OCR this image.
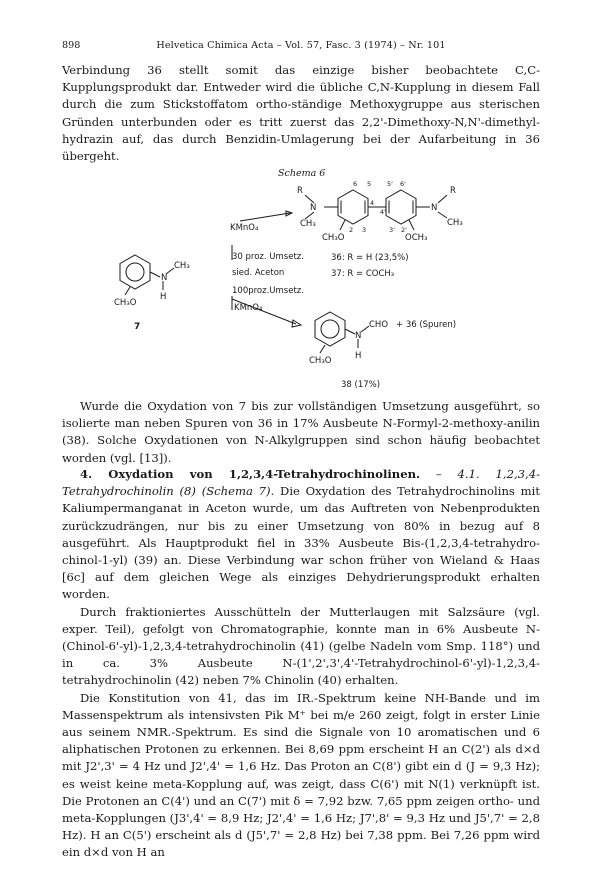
898	Helvetica Chimica Acta – Vol. 57, Fasc. 3 (1974) – Nr. 101

Verbindung 36 stellt somit das einzige bisher beobachtete C,C-Kupplungsprodukt dar. Entweder wird die übliche C,N-Kupplung in diesem Fall durch die zum Stickstoffatom ortho-ständige Methoxygruppe aus sterischen Gründen unterbunden oder es tritt zuerst das 2,2'-Dimethoxy-N,N'-dimethyl-hydrazin auf, das durch Benzidin-Umlagerung bei der Aufarbeitung in 36 übergeht.

Schema 6
R
N
CH₃
R
N
CH₃
CH₃O	OCH₃
6 5 5' 6'
4
4'
2 3	3' 2'
N
CH₃
H
CH₃O
7
KMnO₄
30 proz. Umsetz.
sied. Aceton
100proz.Umsetz.
KMnO₄
36: R = H (23,5%)
37: R = COCH₃
N
CHO + 36 (Spuren)
H
CH₃O
38 (17%)

Wurde die Oxydation von 7 bis zur vollständigen Umsetzung ausgeführt, so isolierte man neben Spuren von 36 in 17% Ausbeute N-Formyl-2-methoxy-anilin (38). Solche Oxydationen von N-Alkylgruppen sind schon häufig beobachtet worden (vgl. [13]).

4. Oxydation von 1,2,3,4-Tetrahydrochinolinen. – 4.1. 1,2,3,4-Tetrahydrochinolin (8) (Schema 7). Die Oxydation des Tetrahydrochinolins mit Kaliumpermanganat in Aceton wurde, um das Auftreten von Nebenprodukten zurückzudrängen, nur bis zu einer Umsetzung von 80% in bezug auf 8 ausgeführt. Als Hauptprodukt fiel in 33% Ausbeute Bis-(1,2,3,4-tetrahydro-chinol-1-yl) (39) an. Diese Verbindung war schon früher von Wieland & Haas [6c] auf dem gleichen Wege als einziges Dehydrierungsprodukt erhalten worden.

Durch fraktioniertes Ausschütteln der Mutterlaugen mit Salzsäure (vgl. exper. Teil), gefolgt von Chromatographie, konnte man in 6% Ausbeute N-(Chinol-6'-yl)-1,2,3,4-tetrahydrochinolin (41) (gelbe Nadeln vom Smp. 118°) und in ca. 3% Ausbeute N-(1',2',3',4'-Tetrahydrochinol-6'-yl)-1,2,3,4-tetrahydrochinolin (42) neben 7% Chinolin (40) erhalten.

Die Konstitution von 41, das im IR.-Spektrum keine NH-Bande und im Massenspektrum als intensivsten Pik M⁺ bei m/e 260 zeigt, folgt in erster Linie aus seinem NMR.-Spektrum. Es sind die Signale von 10 aromatischen und 6 aliphatischen Protonen zu erkennen. Bei 8,69 ppm erscheint H an C(2') als d×d mit J2',3' = 4 Hz und J2',4' = 1,6 Hz. Das Proton an C(8') gibt ein d (J = 9,3 Hz); es weist keine meta-Kopplung auf, was zeigt, dass C(6') mit N(1) verknüpft ist. Die Protonen an C(4') und an C(7') mit δ = 7,92 bzw. 7,65 ppm zeigen ortho- und meta-Kopplungen (J3',4' = 8,9 Hz; J2',4' = 1,6 Hz; J7',8' = 9,3 Hz und J5',7' = 2,8 Hz). H an C(5') erscheint als d (J5',7' = 2,8 Hz) bei 7,38 ppm. Bei 7,26 ppm wird ein d×d von H an
